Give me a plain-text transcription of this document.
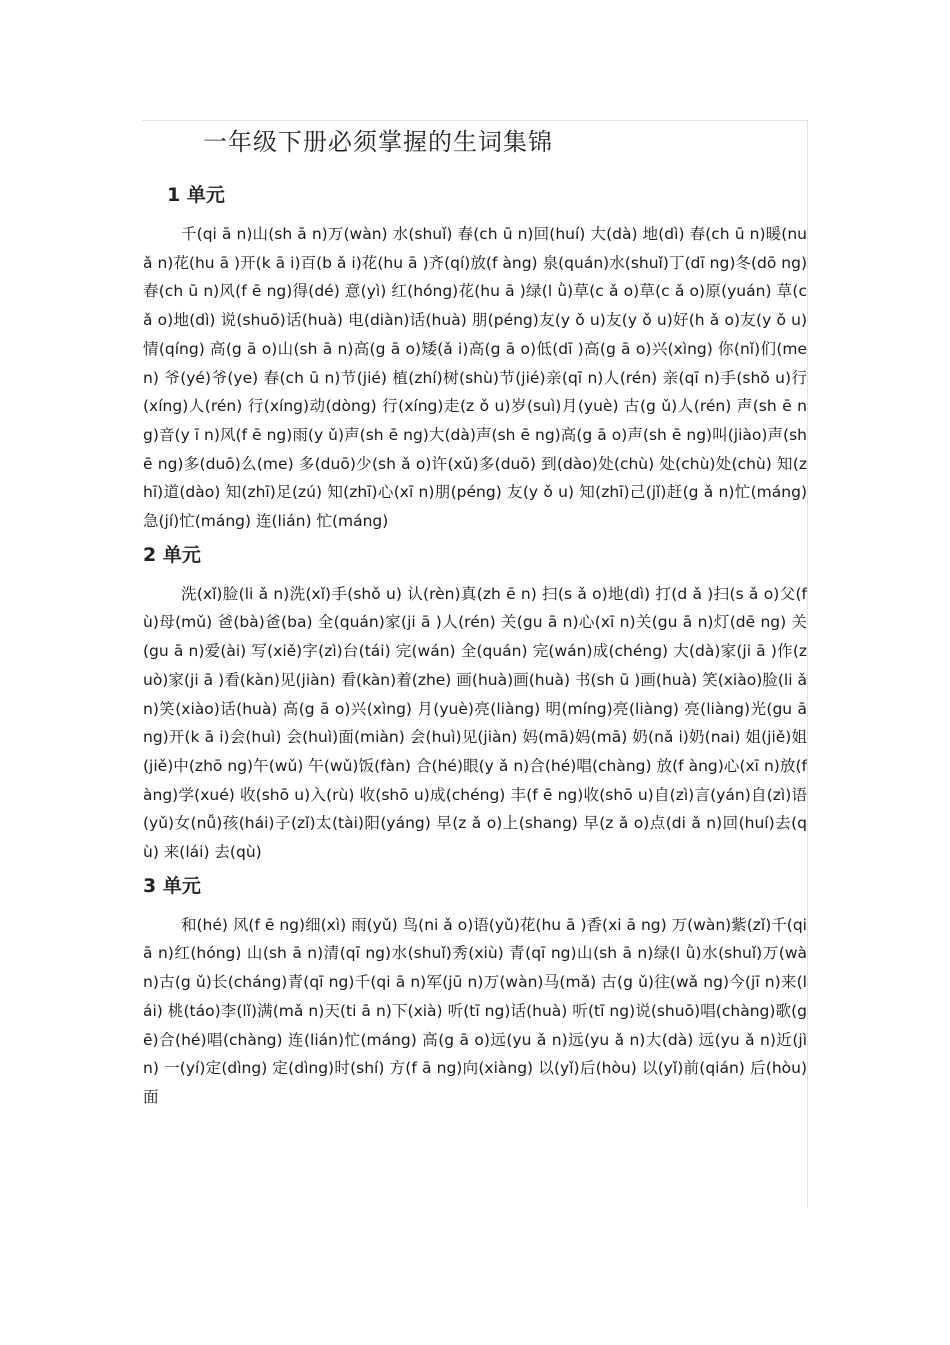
一年级下册必须掌握的生词集锦
1 单元

千(qi ā n)山(sh ā n)万(wàn) 水(shuǐ) 春(ch ū n)回(huí) 大(dà) 地(dì) 春(ch ū n)暖(nu ǎ n)花(hu ā )开(k ā i)百(b ǎ i)花(hu ā )齐(qí)放(f àng) 泉(quán)水(shuǐ)丁(dī ng)冬(dō ng) 春(ch ū n)风(f ē ng)得(dé) 意(yì) 红(hóng)花(hu ā )绿(l ǜ)草(c ǎ o)草(c ǎ o)原(yuán) 草(c ǎ o)地(dì) 说(shuō)话(huà) 电(diàn)话(huà) 朋(péng)友(y ǒ u)友(y ǒ u)好(h ǎ o)友(y ǒ u)情(qíng) 高(g ā o)山(sh ā n)高(g ā o)矮(ǎ i)高(g ā o)低(dī )高(g ā o)兴(xìng) 你(nǐ)们(men) 爷(yé)爷(ye) 春(ch ū n)节(jié) 植(zhí)树(shù)节(jié)亲(qī n)人(rén) 亲(qī n)手(shǒ u)行(xíng)人(rén) 行(xíng)动(dòng) 行(xíng)走(z ǒ u)岁(suì)月(yuè) 古(g ǔ)人(rén) 声(sh ē ng)音(y ī n)风(f ē ng)雨(y ǔ)声(sh ē ng)大(dà)声(sh ē ng)高(g ā o)声(sh ē ng)叫(jiào)声(sh ē ng)多(duō)么(me) 多(duō)少(sh ǎ o)许(xǔ)多(duō) 到(dào)处(chù) 处(chù)处(chù) 知(zhī)道(dào) 知(zhī)足(zú) 知(zhī)心(xī n)朋(péng) 友(y ǒ u) 知(zhī)己(jǐ)赶(g ǎ n)忙(máng) 急(jí)忙(máng) 连(lián) 忙(máng)

2 单元

洗(xǐ)脸(li ǎ n)洗(xǐ)手(shǒ u) 认(rèn)真(zh ē n) 扫(s ǎ o)地(dì) 打(d ǎ )扫(s ǎ o)父(fù)母(mǔ) 爸(bà)爸(ba) 全(quán)家(ji ā )人(rén) 关(gu ā n)心(xī n)关(gu ā n)灯(dē ng) 关(gu ā n)爱(ài) 写(xiě)字(zì)台(tái) 完(wán) 全(quán) 完(wán)成(chéng) 大(dà)家(ji ā )作(zuò)家(ji ā )看(kàn)见(jiàn) 看(kàn)着(zhe) 画(huà)画(huà) 书(sh ū )画(huà) 笑(xiào)脸(li ǎ n)笑(xiào)话(huà) 高(g ā o)兴(xìng) 月(yuè)亮(liàng) 明(míng)亮(liàng) 亮(liàng)光(gu ā ng)开(k ā i)会(huì) 会(huì)面(miàn) 会(huì)见(jiàn) 妈(mā)妈(mā) 奶(nǎ i)奶(nai) 姐(jiě)姐(jiě)中(zhō ng)午(wǔ) 午(wǔ)饭(fàn) 合(hé)眼(y ǎ n)合(hé)唱(chàng) 放(f àng)心(xī n)放(f àng)学(xué) 收(shō u)入(rù) 收(shō u)成(chéng) 丰(f ē ng)收(shō u)自(zì)言(yán)自(zì)语(yǔ)女(nǚ)孩(hái)子(zǐ)太(tài)阳(yáng) 早(z ǎ o)上(shang) 早(z ǎ o)点(di ǎ n)回(huí)去(qù) 来(lái) 去(qù)

3 单元

和(hé) 风(f ē ng)细(xì) 雨(yǔ) 鸟(ni ǎ o)语(yǔ)花(hu ā )香(xi ā ng) 万(wàn)紫(zǐ)千(qi ā n)红(hóng) 山(sh ā n)清(qī ng)水(shuǐ)秀(xiù) 青(qī ng)山(sh ā n)绿(l ǜ)水(shuǐ)万(wàn)古(g ǔ)长(cháng)青(qī ng)千(qi ā n)军(jū n)万(wàn)马(mǎ) 古(g ǔ)往(wǎ ng)今(jī n)来(lái) 桃(táo)李(lǐ)满(mǎ n)天(ti ā n)下(xià) 听(tī ng)话(huà) 听(tī ng)说(shuō)唱(chàng)歌(gē)合(hé)唱(chàng) 连(lián)忙(máng) 高(g ā o)远(yu ǎ n)远(yu ǎ n)大(dà) 远(yu ǎ n)近(jìn) 一(yí)定(dìng) 定(dìng)时(shí) 方(f ā ng)向(xiàng) 以(yǐ)后(hòu) 以(yǐ)前(qián) 后(hòu)面
